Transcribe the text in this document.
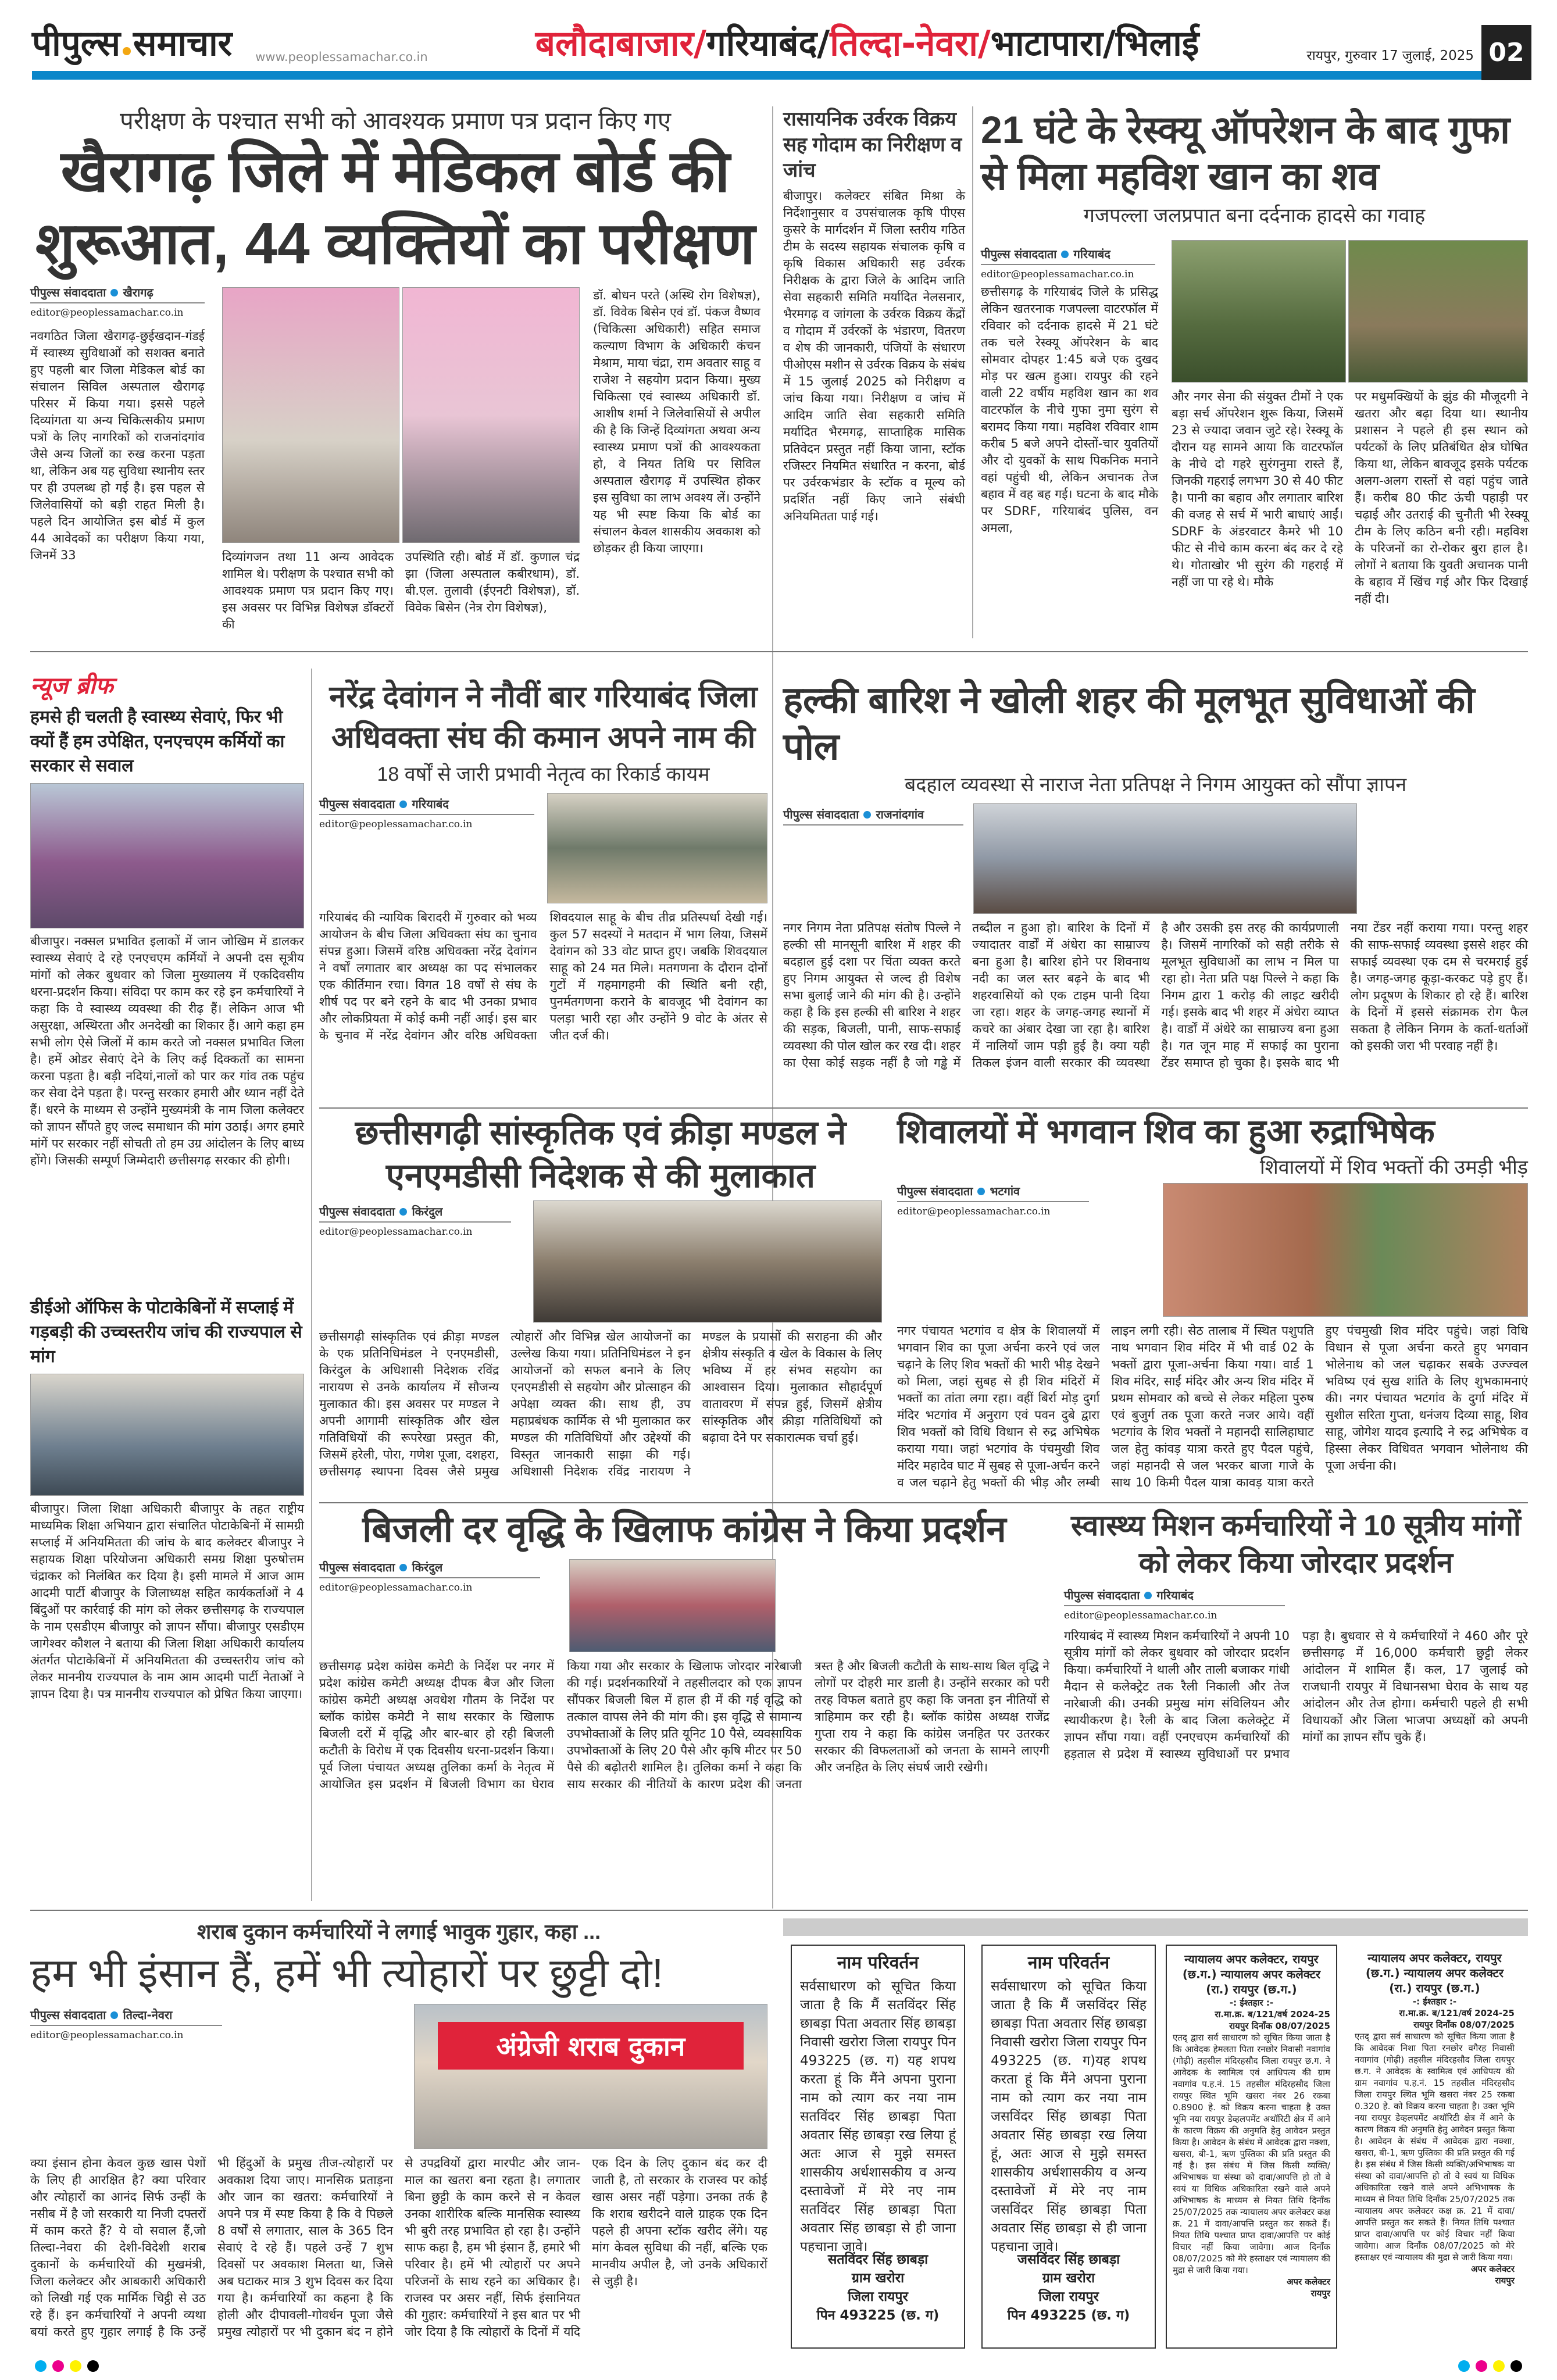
पीपुल्स समाचार www.peoplessamachar.co.in	बलौदाबाजार/गरियाबंद/तिल्दा-नेवरा/भाटापारा/भिलाई	रायपुर, गुरुवार 17 जुलाई, 2025 02
परीक्षण के पश्चात सभी को आवश्यक प्रमाण पत्र प्रदान किए गए
खैरागढ़ जिले में मेडिकल बोर्ड की शुरूआत, 44 व्यक्तियों का परीक्षण
पीपुल्स संवाददाता खैरागढ़
editor@peoplessamachar.co.in
नवगठित जिला खैरागढ़-छुईखदान-गंडई में स्वास्थ्य सुविधाओं को सशक्त बनाते हुए पहली बार जिला मेडिकल बोर्ड का संचालन सिविल अस्पताल खैरागढ़ परिसर में किया गया। इससे पहले दिव्यांगता या अन्य चिकित्सकीय प्रमाण पत्रों के लिए नागरिकों को राजनांदगांव जैसे अन्य जिलों का रुख करना पड़ता था, लेकिन अब यह सुविधा स्थानीय स्तर पर ही उपलब्ध हो गई है। इस पहल से जिलेवासियों को बड़ी राहत मिली है। पहले दिन आयोजित इस बोर्ड में कुल 44 आवेदकों का परीक्षण किया गया, जिनमें 33	दिव्यांगजन तथा 11 अन्य आवेदक शामिल थे। परीक्षण के पश्चात सभी को आवश्यक प्रमाण पत्र प्रदान किए गए। इस अवसर पर विभिन्न विशेषज्ञ डॉक्टरों की
उपस्थिति रही। बोर्ड में डॉ. कुणाल चंद्र झा (जिला अस्पताल कबीरधाम), डॉ. बी.एल. तुलावी (ईएनटी विशेषज्ञ), डॉ. विवेक बिसेन (नेत्र रोग विशेषज्ञ),
डॉ. बोधन परते (अस्थि रोग विशेषज्ञ), डॉ. विवेक बिसेन एवं डॉ. पंकज वैष्णव (चिकित्सा अधिकारी) सहित समाज कल्याण विभाग के अधिकारी कंचन मेश्राम, माया चंद्रा, राम अवतार साहू व राजेश ने सहयोग प्रदान किया। मुख्य चिकित्सा एवं स्वास्थ्य अधिकारी डॉ. आशीष शर्मा ने जिलेवासियों से अपील की है कि जिन्हें दिव्यांगता अथवा अन्य स्वास्थ्य प्रमाण पत्रों की आवश्यकता हो, वे नियत तिथि पर सिविल अस्पताल खैरागढ़ में उपस्थित होकर इस सुविधा का लाभ अवश्य लें। उन्होंने यह भी स्पष्ट किया कि बोर्ड का संचालन केवल शासकीय अवकाश को छोड़कर ही किया जाएगा।
रासायनिक उर्वरक विक्रय सह गोदाम का निरीक्षण व जांच
बीजापुर। कलेक्टर संबित मिश्रा के निर्देशानुसार व उपसंचालक कृषि पीएस कुसरे के मार्गदर्शन में जिला स्तरीय गठित टीम के सदस्य सहायक संचालक कृषि व कृषि विकास अधिकारी सह उर्वरक निरीक्षक के द्वारा जिले के आदिम जाति सेवा सहकारी समिति मर्यादित नेलसनार, भैरमगढ़ व जांगला के उर्वरक विक्रय केंद्रों व गोदाम में उर्वरकों के भंडारण, वितरण व शेष की जानकारी, पंजियों के संधारण पीओएस मशीन से उर्वरक विक्रय के संबंध में 15 जुलाई 2025 को निरीक्षण व जांच किया गया। निरीक्षण व जांच में आदिम जाति सेवा सहकारी समिति मर्यादित भैरमगढ़, साप्ताहिक मासिक प्रतिवेदन प्रस्तुत नहीं किया जाना, स्टॉक रजिस्टर नियमित संधारित न करना, बोर्ड पर उर्वरकभंडार के स्टॉक व मूल्य को प्रदर्शित नहीं किए जाने संबंधी अनियमितता पाई गई।
21 घंटे के रेस्क्यू ऑपरेशन के बाद गुफा से मिला महविश खान का शव
गजपल्ला जलप्रपात बना दर्दनाक हादसे का गवाह
पीपुल्स संवाददाता गरियाबंद
editor@peoplessamachar.co.in
छत्तीसगढ़ के गरियाबंद जिले के प्रसिद्ध लेकिन खतरनाक गजपल्ला वाटरफॉल में रविवार को दर्दनाक हादसे में 21 घंटे तक चले रेस्क्यू ऑपरेशन के बाद सोमवार दोपहर 1:45 बजे एक दुखद मोड़ पर खत्म हुआ। रायपुर की रहने वाली 22 वर्षीय महविश खान का शव वाटरफॉल के नीचे गुफा नुमा सुरंग से बरामद किया गया। महविश रविवार शाम करीब 5 बजे अपने दोस्तों-चार युवतियों और दो युवकों के साथ पिकनिक मनाने वहां पहुंची थी, लेकिन अचानक तेज बहाव में वह बह गई। घटना के बाद मौके पर SDRF, गरियाबंद पुलिस, वन अमला,
और नगर सेना की संयुक्त टीमों ने एक बड़ा सर्च ऑपरेशन शुरू किया, जिसमें 23 से ज्यादा जवान जुटे रहे। रेस्क्यू के दौरान यह सामने आया कि वाटरफॉल के नीचे दो गहरे सुरंगनुमा रास्ते हैं, जिनकी गहराई लगभग 30 से 40 फीट है। पानी का बहाव और लगातार बारिश की वजह से सर्च में भारी बाधाएं आईं। SDRF के अंडरवाटर कैमरे भी 10 फीट से नीचे काम करना बंद कर दे रहे थे। गोताखोर भी सुरंग की गहराई में नहीं जा पा रहे थे। मौके
पर मधुमक्खियों के झुंड की मौजूदगी ने खतरा और बढ़ा दिया था। स्थानीय प्रशासन ने पहले ही इस स्थान को पर्यटकों के लिए प्रतिबंधित क्षेत्र घोषित किया था, लेकिन बावजूद इसके पर्यटक अलग-अलग रास्तों से वहां पहुंच जाते हैं। करीब 80 फीट ऊंची पहाड़ी पर चढ़ाई और उतराई की चुनौती भी रेस्क्यू टीम के लिए कठिन बनी रही। महविश के परिजनों का रो-रोकर बुरा हाल है। लोगों ने बताया कि युवती अचानक पानी के बहाव में खिंच गई और फिर दिखाई नहीं दी।
न्यूज ब्रीफ
हमसे ही चलती है स्वास्थ्य सेवाएं, फिर भी क्यों हैं हम उपेक्षित, एनएचएम कर्मियों का सरकार से सवाल
बीजापुर। नक्सल प्रभावित इलाकों में जान जोखिम में डालकर स्वास्थ्य सेवाएं दे रहे एनएचएम कर्मियों ने अपनी दस सूत्रीय मांगों को लेकर बुधवार को जिला मुख्यालय में एकदिवसीय धरना-प्रदर्शन किया। संविदा पर काम कर रहे इन कर्मचारियों ने कहा कि वे स्वास्थ्य व्यवस्था की रीढ़ हैं। लेकिन आज भी असुरक्षा, अस्थिरता और अनदेखी का शिकार हैं। आगे कहा हम सभी लोग ऐसे जिलों में काम करते जो नक्सल प्रभावित जिला है। हमें ओडर सेवाएं देने के लिए कई दिक्कतों का सामना करना पड़ता है। बड़ी नदियां,नालों को पार कर गांव तक पहुंच कर सेवा देने पड़ता है। परन्तु सरकार हमारी और ध्यान नहीं देते हैं। धरने के माध्यम से उन्होंने मुख्यमंत्री के नाम जिला कलेक्टर को ज्ञापन सौंपते हुए जल्द समाधान की मांग उठाई। अगर हमारे मांगें पर सरकार नहीं सोचती तो हम उग्र आंदोलन के लिए बाध्य होंगे। जिसकी सम्पूर्ण जिम्मेदारी छत्तीसगढ़ सरकार की होगी।
डीईओ ऑफिस के पोटाकेबिनों में सप्लाई में गड़बड़ी की उच्चस्तरीय जांच की राज्यपाल से मांग
बीजापुर। जिला शिक्षा अधिकारी बीजापुर के तहत राष्ट्रीय माध्यमिक शिक्षा अभियान द्वारा संचालित पोटाकेबिनों में सामग्री सप्लाई में अनियमितता की जांच के बाद कलेक्टर बीजापुर ने सहायक शिक्षा परियोजना अधिकारी समग्र शिक्षा पुरुषोत्तम चंद्राकर को निलंबित कर दिया है। इसी मामले में आज आम आदमी पार्टी बीजापुर के जिलाध्यक्ष सहित कार्यकर्ताओं ने 4 बिंदुओं पर कार्रवाई की मांग को लेकर छत्तीसगढ़ के राज्यपाल के नाम एसडीएम बीजापुर को ज्ञापन सौंपा। बीजापुर एसडीएम जागेश्वर कौशल ने बताया की जिला शिक्षा अधिकारी कार्यालय अंतर्गत पोटाकेबिनों में अनियमितता की उच्चस्तरीय जांच को लेकर माननीय राज्यपाल के नाम आम आदमी पार्टी नेताओं ने ज्ञापन दिया है। पत्र माननीय राज्यपाल को प्रेषित किया जाएगा।
नरेंद्र देवांगन ने नौवीं बार गरियाबंद जिला अधिवक्ता संघ की कमान अपने नाम की
18 वर्षों से जारी प्रभावी नेतृत्व का रिकार्ड कायम
पीपुल्स संवाददाता गरियाबंद
editor@peoplessamachar.co.in
गरियाबंद की न्यायिक बिरादरी में गुरुवार को भव्य आयोजन के बीच जिला अधिवक्ता संघ का चुनाव संपन्न हुआ। जिसमें वरिष्ठ अधिवक्ता नरेंद्र देवांगन ने वर्षों लगातार बार अध्यक्ष का पद संभालकर एक कीर्तिमान रचा। विगत 18 वर्षों से संघ के शीर्ष पद पर बने रहने के बाद भी उनका प्रभाव और लोकप्रियता में कोई कमी नहीं आई। इस बार के चुनाव में नरेंद्र देवांगन और वरिष्ठ अधिवक्ता शिवदयाल साहू के बीच तीव्र प्रतिस्पर्धा देखी गई। कुल 57 सदस्यों ने मतदान में भाग लिया, जिसमें देवांगन को 33 वोट प्राप्त हुए। जबकि शिवदयाल साहू को 24 मत मिले। मतगणना के दौरान दोनों गुटों में गहमागहमी की स्थिति बनी रही, पुनर्मतगणना कराने के बावजूद भी देवांगन का पलड़ा भारी रहा और उन्होंने 9 वोट के अंतर से जीत दर्ज की।
हल्की बारिश ने खोली शहर की मूलभूत सुविधाओं की पोल
बदहाल व्यवस्था से नाराज नेता प्रतिपक्ष ने निगम आयुक्त को सौंपा ज्ञापन
पीपुल्स संवाददाता राजनांदगांव
नगर निगम नेता प्रतिपक्ष संतोष पिल्ले ने हल्की सी मानसूनी बारिश में शहर की बदहाल हुई दशा पर चिंता व्यक्त करते हुए निगम आयुक्त से जल्द ही विशेष सभा बुलाई जाने की मांग की है। उन्होंने कहा है कि इस हल्की सी बारिश ने शहर की सड़क, बिजली, पानी, साफ-सफाई व्यवस्था की पोल खोल कर रख दी। शहर का ऐसा कोई सड़क नहीं है जो गड्ढे में तब्दील न हुआ हो। बारिश के दिनों में ज्यादातर वार्डों में अंधेरा का साम्राज्य बना हुआ है। बारिश होने पर शिवनाथ नदी का जल स्तर बढ़ने के बाद भी शहरवासियों को एक टाइम पानी दिया जा रहा। शहर के जगह-जगह स्थानों में कचरे का अंबार देखा जा रहा है। बारिश में नालियों जाम पड़ी हुई है। क्या यही तिकल इंजन वाली सरकार की व्यवस्था है और उसकी इस तरह की कार्यप्रणाली है। जिसमें नागरिकों को सही तरीके से मूलभूत सुविधाओं का लाभ न मिल पा रहा हो। नेता प्रति पक्ष पिल्ले ने कहा कि निगम द्वारा 1 करोड़ की लाइट खरीदी गई। इसके बाद भी शहर में अंधेरा व्याप्त है। वार्डों में अंधेरे का साम्राज्य बना हुआ है। गत जून माह में सफाई का पुराना टेंडर समाप्त हो चुका है। इसके बाद भी नया टेंडर नहीं कराया गया। परन्तु शहर की साफ-सफाई व्यवस्था इससे शहर की सफाई व्यवस्था एक दम से चरमराई हुई है। जगह-जगह कूड़ा-करकट पड़े हुए हैं। लोग प्रदूषण के शिकार हो रहे हैं। बारिश के दिनों में इससे संक्रामक रोग फैल सकता है लेकिन निगम के कर्ता-धर्ताओं को इसकी जरा भी परवाह नहीं है।
छत्तीसगढ़ी सांस्कृतिक एवं क्रीड़ा मण्डल ने एनएमडीसी निदेशक से की मुलाकात
पीपुल्स संवाददाता किरंदुल
editor@peoplessamachar.co.in
छत्तीसगढ़ी सांस्कृतिक एवं क्रीड़ा मण्डल के एक प्रतिनिधिमंडल ने एनएमडीसी, किरंदुल के अधिशासी निदेशक रविंद्र नारायण से उनके कार्यालय में सौजन्य मुलाकात की। इस अवसर पर मण्डल ने अपनी आगामी सांस्कृतिक और खेल गतिविधियों की रूपरेखा प्रस्तुत की, जिसमें हरेली, पोरा, गणेश पूजा, दशहरा, छत्तीसगढ़ स्थापना दिवस जैसे प्रमुख त्योहारों और विभिन्न खेल आयोजनों का उल्लेख किया गया। प्रतिनिधिमंडल ने इन आयोजनों को सफल बनाने के लिए एनएमडीसी से सहयोग और प्रोत्साहन की अपेक्षा व्यक्त की। साथ ही, उप महाप्रबंधक कार्मिक से भी मुलाकात कर मण्डल की गतिविधियों और उद्देश्यों की विस्तृत जानकारी साझा की गई। अधिशासी निदेशक रविंद्र नारायण ने मण्डल के प्रयासों की सराहना की और क्षेत्रीय संस्कृति व खेल के विकास के लिए भविष्य में हर संभव सहयोग का आश्वासन दिया। मुलाकात सौहार्दपूर्ण वातावरण में संपन्न हुई, जिसमें क्षेत्रीय सांस्कृतिक और क्रीड़ा गतिविधियों को बढ़ावा देने पर सकारात्मक चर्चा हुई।
शिवालयों में भगवान शिव का हुआ रुद्राभिषेक
शिवालयों में शिव भक्तों की उमड़ी भीड़
पीपुल्स संवाददाता भटगांव
editor@peoplessamachar.co.in
नगर पंचायत भटगांव व क्षेत्र के शिवालयों में भगवान शिव का पूजा अर्चना करने एवं जल चढ़ाने के लिए शिव भक्तों की भारी भीड़ देखने को मिला, जहां सुबह से ही शिव मंदिरों में भक्तों का तांता लगा रहा। वहीं बिर्रा मोड़ दुर्गा मंदिर भटगांव में अनुराग एवं पवन दुबे द्वारा शिव भक्तों को विधि विधान से रुद्र अभिषेक कराया गया। जहां भटगांव के पंचमुखी शिव मंदिर महादेव घाट में सुबह से पूजा-अर्चन करने व जल चढ़ाने हेतु भक्तों की भीड़ और लम्बी लाइन लगी रही। सेठ तालाब में स्थित पशुपति नाथ भगवान शिव मंदिर में भी वार्ड 02 के भक्तों द्वारा पूजा-अर्चना किया गया। वार्ड 1 शिव मंदिर, साईं मंदिर और अन्य शिव मंदिर में प्रथम सोमवार को बच्चे से लेकर महिला पुरुष एवं बुजुर्ग तक पूजा करते नजर आये। वहीं भटगांव के शिव भक्तों ने महानदी सालिहाघाट जल हेतु कांवड़ यात्रा करते हुए पैदल पहुंचे, जहां महानदी से जल भरकर बाजा गाजे के साथ 10 किमी पैदल यात्रा कावड़ यात्रा करते हुए पंचमुखी शिव मंदिर पहुंचे। जहां विधि विधान से पूजा अर्चना करते हुए भगवान भोलेनाथ को जल चढ़ाकर सबके उज्ज्वल भविष्य एवं सुख शांति के लिए शुभकामनाएं की। नगर पंचायत भटगांव के दुर्गा मंदिर में सुशील सरिता गुप्ता, धनंजय दिव्या साहू, शिव साहू, जोगेश यादव इत्यादि ने रुद्र अभिषेक व हिस्सा लेकर विधिवत भगवान भोलेनाथ की पूजा अर्चना की।
बिजली दर वृद्धि के खिलाफ कांग्रेस ने किया प्रदर्शन
पीपुल्स संवाददाता किरंदुल
editor@peoplessamachar.co.in
छत्तीसगढ़ प्रदेश कांग्रेस कमेटी के निर्देश पर नगर में प्रदेश कांग्रेस कमेटी अध्यक्ष दीपक बैज और जिला कांग्रेस कमेटी अध्यक्ष अवधेश गौतम के निर्देश पर ब्लॉक कांग्रेस कमेटी ने साथ सरकार के खिलाफ बिजली दरों में वृद्धि और बार-बार हो रही बिजली कटौती के विरोध में एक दिवसीय धरना-प्रदर्शन किया। पूर्व जिला पंचायत अध्यक्ष तुलिका कर्मा के नेतृत्व में आयोजित इस प्रदर्शन में बिजली विभाग का घेराव किया गया और सरकार के खिलाफ जोरदार नारेबाजी की गई। प्रदर्शनकारियों ने तहसीलदार को एक ज्ञापन सौंपकर बिजली बिल में हाल ही में की गई वृद्धि को तत्काल वापस लेने की मांग की। इस वृद्धि से सामान्य उपभोक्ताओं के लिए प्रति यूनिट 10 पैसे, व्यवसायिक उपभोक्ताओं के लिए 20 पैसे और कृषि मीटर पर 50 पैसे की बढ़ोतरी शामिल है। तुलिका कर्मा ने कहा कि साय सरकार की नीतियों के कारण प्रदेश की जनता त्रस्त है और बिजली कटौती के साथ-साथ बिल वृद्धि ने लोगों पर दोहरी मार डाली है। उन्होंने सरकार को परी तरह विफल बताते हुए कहा कि जनता इन नीतियों से त्राहिमाम कर रही है। ब्लॉक कांग्रेस अध्यक्ष राजेंद्र गुप्ता राय ने कहा कि कांग्रेस जनहित पर उतरकर सरकार की विफलताओं को जनता के सामने लाएगी और जनहित के लिए संघर्ष जारी रखेगी।
स्वास्थ्य मिशन कर्मचारियों ने 10 सूत्रीय मांगों को लेकर किया जोरदार प्रदर्शन
पीपुल्स संवाददाता गरियाबंद
editor@peoplessamachar.co.in
गरियाबंद में स्वास्थ्य मिशन कर्मचारियों ने अपनी 10 सूत्रीय मांगों को लेकर बुधवार को जोरदार प्रदर्शन किया। कर्मचारियों ने थाली और ताली बजाकर गांधी मैदान से कलेक्ट्रेट तक रैली निकाली और तेज नारेबाजी की। उनकी प्रमुख मांग संविलियन और स्थायीकरण है। रैली के बाद जिला कलेक्ट्रेट में ज्ञापन सौंपा गया। वहीं एनएचएम कर्मचारियों की हड़ताल से प्रदेश में स्वास्थ्य सुविधाओं पर प्रभाव पड़ा है। बुधवार से ये कर्मचारियों ने 460 और पूरे छत्तीसगढ़ में 16,000 कर्मचारी छुट्टी लेकर आंदोलन में शामिल हैं। कल, 17 जुलाई को राजधानी रायपुर में विधानसभा घेराव के साथ यह आंदोलन और तेज होगा। कर्मचारी पहले ही सभी विधायकों और जिला भाजपा अध्यक्षों को अपनी मांगों का ज्ञापन सौंप चुके हैं।
शराब दुकान कर्मचारियों ने लगाई भावुक गुहार, कहा ...
हम भी इंसान हैं, हमें भी त्योहारों पर छुट्टी दो!
पीपुल्स संवाददाता तिल्दा-नेवरा
editor@peoplessamachar.co.in	अंग्रेजी शराब दुकान
क्या इंसान होना केवल कुछ खास पेशों के लिए ही आरक्षित है? क्या परिवार और त्योहारों का आनंद सिर्फ उन्हीं के नसीब में है जो सरकारी या निजी दफ्तरों में काम करते हैं? ये वो सवाल हैं,जो तिल्दा-नेवरा की देशी-विदेशी शराब दुकानों के कर्मचारियों की मुखमंत्री, जिला कलेक्टर और आबकारी अधिकारी को लिखी गई एक मार्मिक चिट्ठी से उठ रहे हैं। इन कर्मचारियों ने अपनी व्यथा बयां करते हुए गुहार लगाई है कि उन्हें भी हिंदुओं के प्रमुख तीज-त्योहारों पर अवकाश दिया जाए। मानसिक प्रताड़ना और जान का खतरा: कर्मचारियों ने अपने पत्र में स्पष्ट किया है कि वे पिछले 8 वर्षों से लगातार, साल के 365 दिन सेवाएं दे रहे हैं। पहले उन्हें 7 शुभ दिवसों पर अवकाश मिलता था, जिसे अब घटाकर मात्र 3 शुभ दिवस कर दिया गया है। कर्मचारियों का कहना है कि होली और दीपावली-गोवर्धन पूजा जैसे प्रमुख त्योहारों पर भी दुकान बंद न होने से उपद्रवियों द्वारा मारपीट और जान-माल का खतरा बना रहता है। लगातार बिना छुट्टी के काम करने से न केवल उनका शारीरिक बल्कि मानसिक स्वास्थ्य भी बुरी तरह प्रभावित हो रहा है। उन्होंने साफ कहा है, हम भी इंसान हैं, हमारे भी परिवार है। हमें भी त्योहारों पर अपने परिजनों के साथ रहने का अधिकार है। राजस्व पर असर नहीं, सिर्फ इंसानियत की गुहार: कर्मचारियों ने इस बात पर भी जोर दिया है कि त्योहारों के दिनों में यदि एक दिन के लिए दुकान बंद कर दी जाती है, तो सरकार के राजस्व पर कोई खास असर नहीं पड़ेगा। उनका तर्क है कि शराब खरीदने वाले ग्राहक एक दिन पहले ही अपना स्टॉक खरीद लेंगे। यह मांग केवल सुविधा की नहीं, बल्कि एक मानवीय अपील है, जो उनके अधिकारों से जुड़ी है।
नाम परिवर्तन
सर्वसाधारण को सूचित किया जाता है कि मैं सतविंदर सिंह छाबड़ा पिता अवतार सिंह छाबड़ा निवासी खरोरा जिला रायपुर पिन 493225 (छ. ग) यह शपथ करता हूं कि मैंने अपना पुराना नाम को त्याग कर नया नाम सतविंदर सिंह छाबड़ा पिता अवतार सिंह छाबड़ा रख लिया हूं अतः आज से मुझे समस्त शासकीय अर्धशासकीय व अन्य दस्तावेजों में मेरे नए नाम सतविंदर सिंह छाबड़ा पिता अवतार सिंह छाबड़ा से ही जाना पहचाना जावे।
सतविंदर सिंह छाबड़ा
ग्राम खरोरा
जिला रायपुर
पिन 493225 (छ. ग)
नाम परिवर्तन
सर्वसाधारण को सूचित किया जाता है कि मैं जसविंदर सिंह छाबड़ा पिता अवतार सिंह छाबड़ा निवासी खरोरा जिला रायपुर पिन 493225 (छ. ग)यह शपथ करता हूं कि मैंने अपना पुराना नाम को त्याग कर नया नाम जसविंदर सिंह छाबड़ा पिता अवतार सिंह छाबड़ा रख लिया हूं, अतः आज से मुझे समस्त शासकीय अर्धशासकीय व अन्य दस्तावेजों में मेरे नए नाम जसविंदर सिंह छाबड़ा पिता अवतार सिंह छाबड़ा से ही जाना पहचाना जावे।
जसविंदर सिंह छाबड़ा
ग्राम खरोरा
जिला रायपुर
पिन 493225 (छ. ग)
न्यायालय अपर कलेक्टर, रायपुर (छ.ग.) न्यायालय अपर कलेक्टर (रा.) रायपुर (छ.ग.)
-: ईश्तहार :-
रा.मा.क्र. ब/121/वर्ष 2024-25
रायपुर दिनाँक 08/07/2025
एतद् द्वारा सर्व साधारण को सूचित किया जाता है कि आवेदक हेमलता पिता रनछोर निवासी नवागांव (गोढ़ी) तहसील मंदिरहसौद जिला रायपुर छ.ग. ने आवेदक के स्वामित्व एवं आधिपत्य की ग्राम नवागांव प.ह.नं. 15 तहसील मंदिरहसौद जिला रायपुर स्थित भूमि खसरा नंबर 26 रकबा 0.8900 हे. को विक्रय करना चाहता है उक्त भूमि नया रायपुर डेव्हलपमेंट अथॉरिटी क्षेत्र में आने के कारण विक्रय की अनुमति हेतु आवेदन प्रस्तुत किया है। आवेदन के संबंध में आवेदक द्वारा नक्शा, खसरा, बी-1, ऋण पुस्तिका की प्रति प्रस्तुत की गई है। इस संबंध में जिस किसी व्यक्ति/अभिभाषक या संस्था को दावा/आपत्ति हो तो वे स्वयं या विधिक अधिकारिता रखने वाले अपने अभिभाषक के माध्यम से नियत तिथि दिनाँक 25/07/2025 तक न्यायालय अपर कलेक्टर कक्ष क्र. 21 में दावा/आपत्ति प्रस्तुत कर सकते हैं। नियत तिथि पश्चात प्राप्त दावा/आपत्ति पर कोई विचार नहीं किया जावेगा। आज दिनाँक 08/07/2025 को मेरे हस्ताक्षर एवं न्यायालय की मुद्रा से जारी किया गया।
अपर कलेक्टर
रायपुर
न्यायालय अपर कलेक्टर, रायपुर (छ.ग.) न्यायालय अपर कलेक्टर (रा.) रायपुर (छ.ग.)
-: ईश्तहार :-
रा.मा.क्र. ब/121/वर्ष 2024-25
रायपुर दिनाँक 08/07/2025
एतद् द्वारा सर्व साधारण को सूचित किया जाता है कि आवेदक निशा पिता रनछोर वगैरह निवासी नवागांव (गोढ़ी) तहसील मंदिरहसौद जिला रायपुर छ.ग. ने आवेदक के स्वामित्व एवं आधिपत्य की ग्राम नवागांव प.ह.नं. 15 तहसील मंदिरहसौद जिला रायपुर स्थित भूमि खसरा नंबर 25 रकबा 0.320 हे. को विक्रय करना चाहता है। उक्त भूमि नया रायपुर डेव्हलपमेंट अथॉरिटी क्षेत्र में आने के कारण विक्रय की अनुमति हेतु आवेदन प्रस्तुत किया है। आवेदन के संबंध में आवेदक द्वारा नक्शा, खसरा, बी-1, ऋण पुस्तिका की प्रति प्रस्तुत की गई है। इस संबंध में जिस किसी व्यक्ति/अभिभाषक या संस्था को दावा/आपत्ति हो तो वे स्वयं या विधिक अधिकारिता रखने वाले अपने अभिभाषक के माध्यम से नियत तिथि दिनाँक 25/07/2025 तक न्यायालय अपर कलेक्टर कक्ष क्र. 21 में दावा/आपत्ति प्रस्तुत कर सकते हैं। नियत तिथि पश्चात प्राप्त दावा/आपत्ति पर कोई विचार नहीं किया जावेगा। आज दिनाँक 08/07/2025 को मेरे हस्ताक्षर एवं न्यायालय की मुद्रा से जारी किया गया।
अपर कलेक्टर
रायपुर
